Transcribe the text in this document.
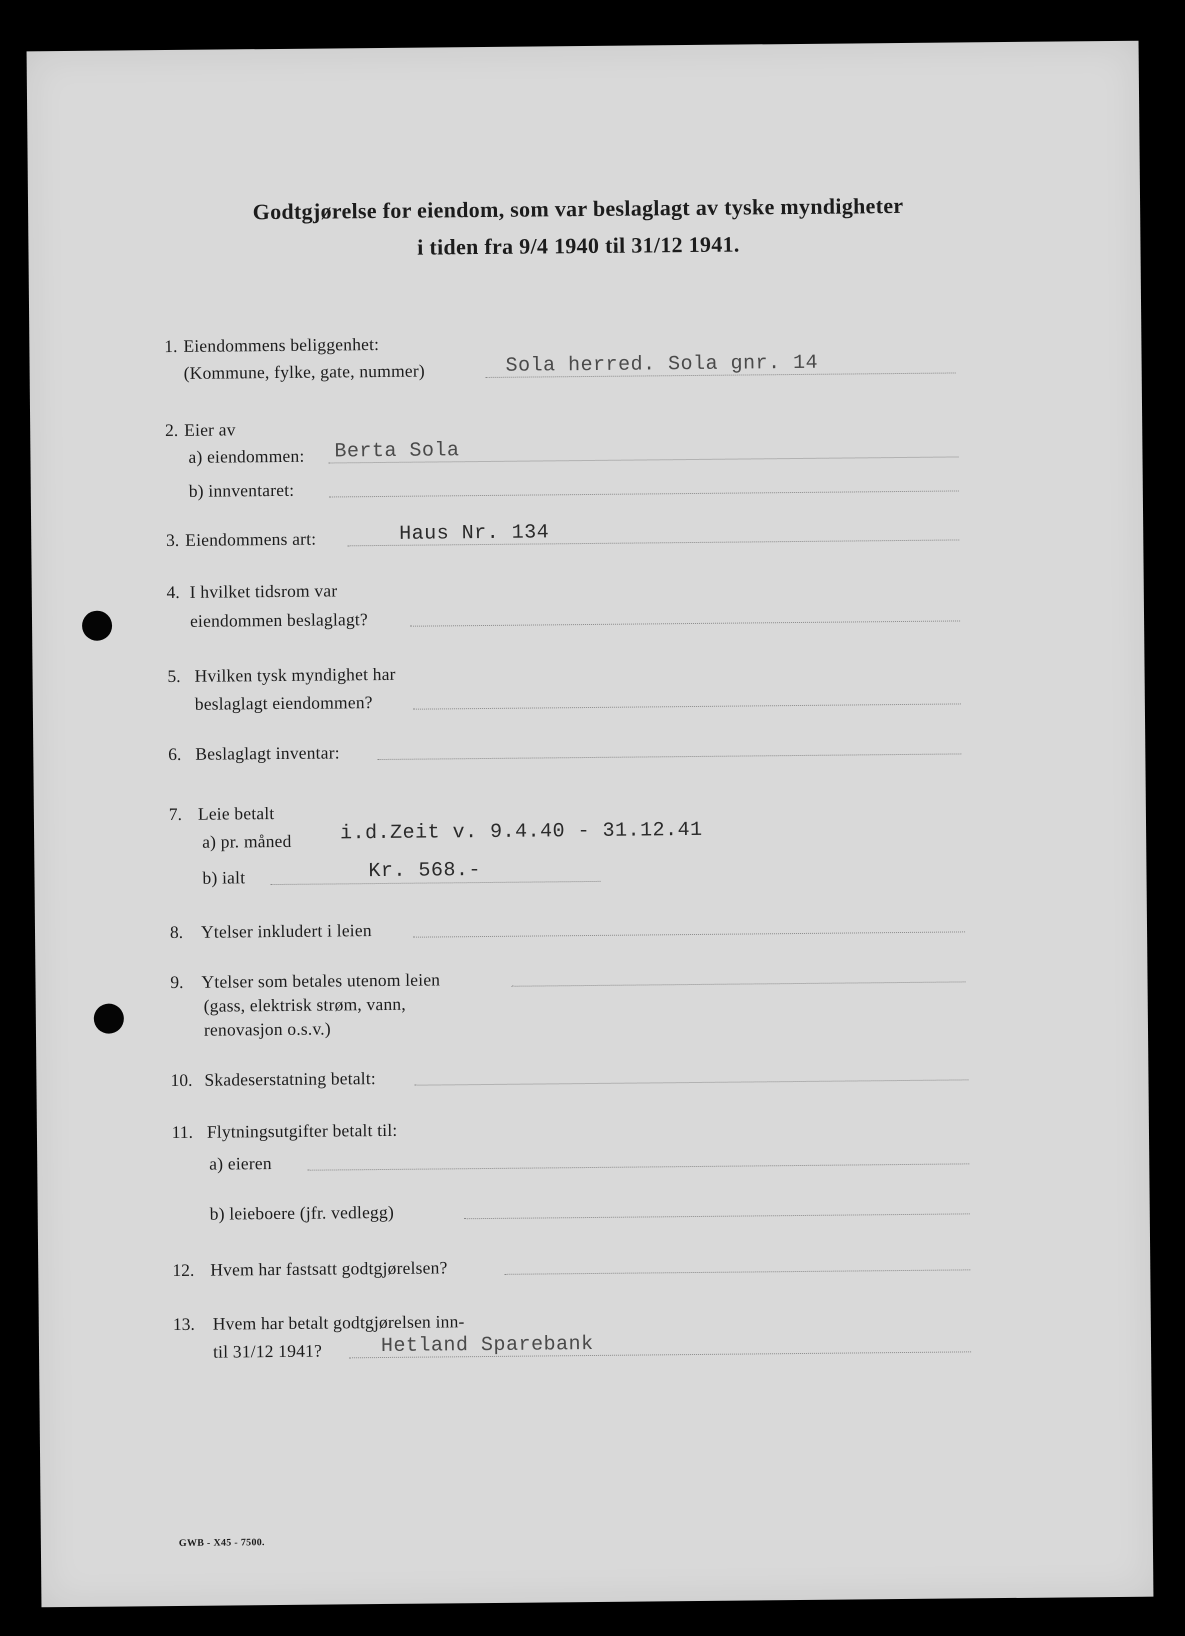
Godtgjørelse for eiendom, som var beslaglagt av tyske myndigheter
i tiden fra 9/4 1940 til 31/12 1941.
1. Eiendommens beliggenhet:
(Kommune, fylke, gate, nummer)	Sola herred. Sola gnr. 14
2. Eier av
a) eiendommen: Berta Sola
b) innventaret:
3. Eiendommens art:	Haus Nr. 134
4. I hvilket tidsrom var
eiendommen beslaglagt?
5. Hvilken tysk myndighet har
beslaglagt eiendommen?
6. Beslaglagt inventar:
7. Leie betalt
a) pr. måned i.d.Zeit v. 9.4.40 - 31.12.41
b) ialt	Kr. 568.-
8. Ytelser inkludert i leien
9. Ytelser som betales utenom leien
(gass, elektrisk strøm, vann,
renovasjon o.s.v.)
10. Skadeserstatning betalt:
11. Flytningsutgifter betalt til:
a) eieren
b) leieboere (jfr. vedlegg)
12. Hvem har fastsatt godtgjørelsen?
13. Hvem har betalt godtgjørelsen inn-
til 31/12 1941?	Hetland Sparebank
GWB - X45 - 7500.
